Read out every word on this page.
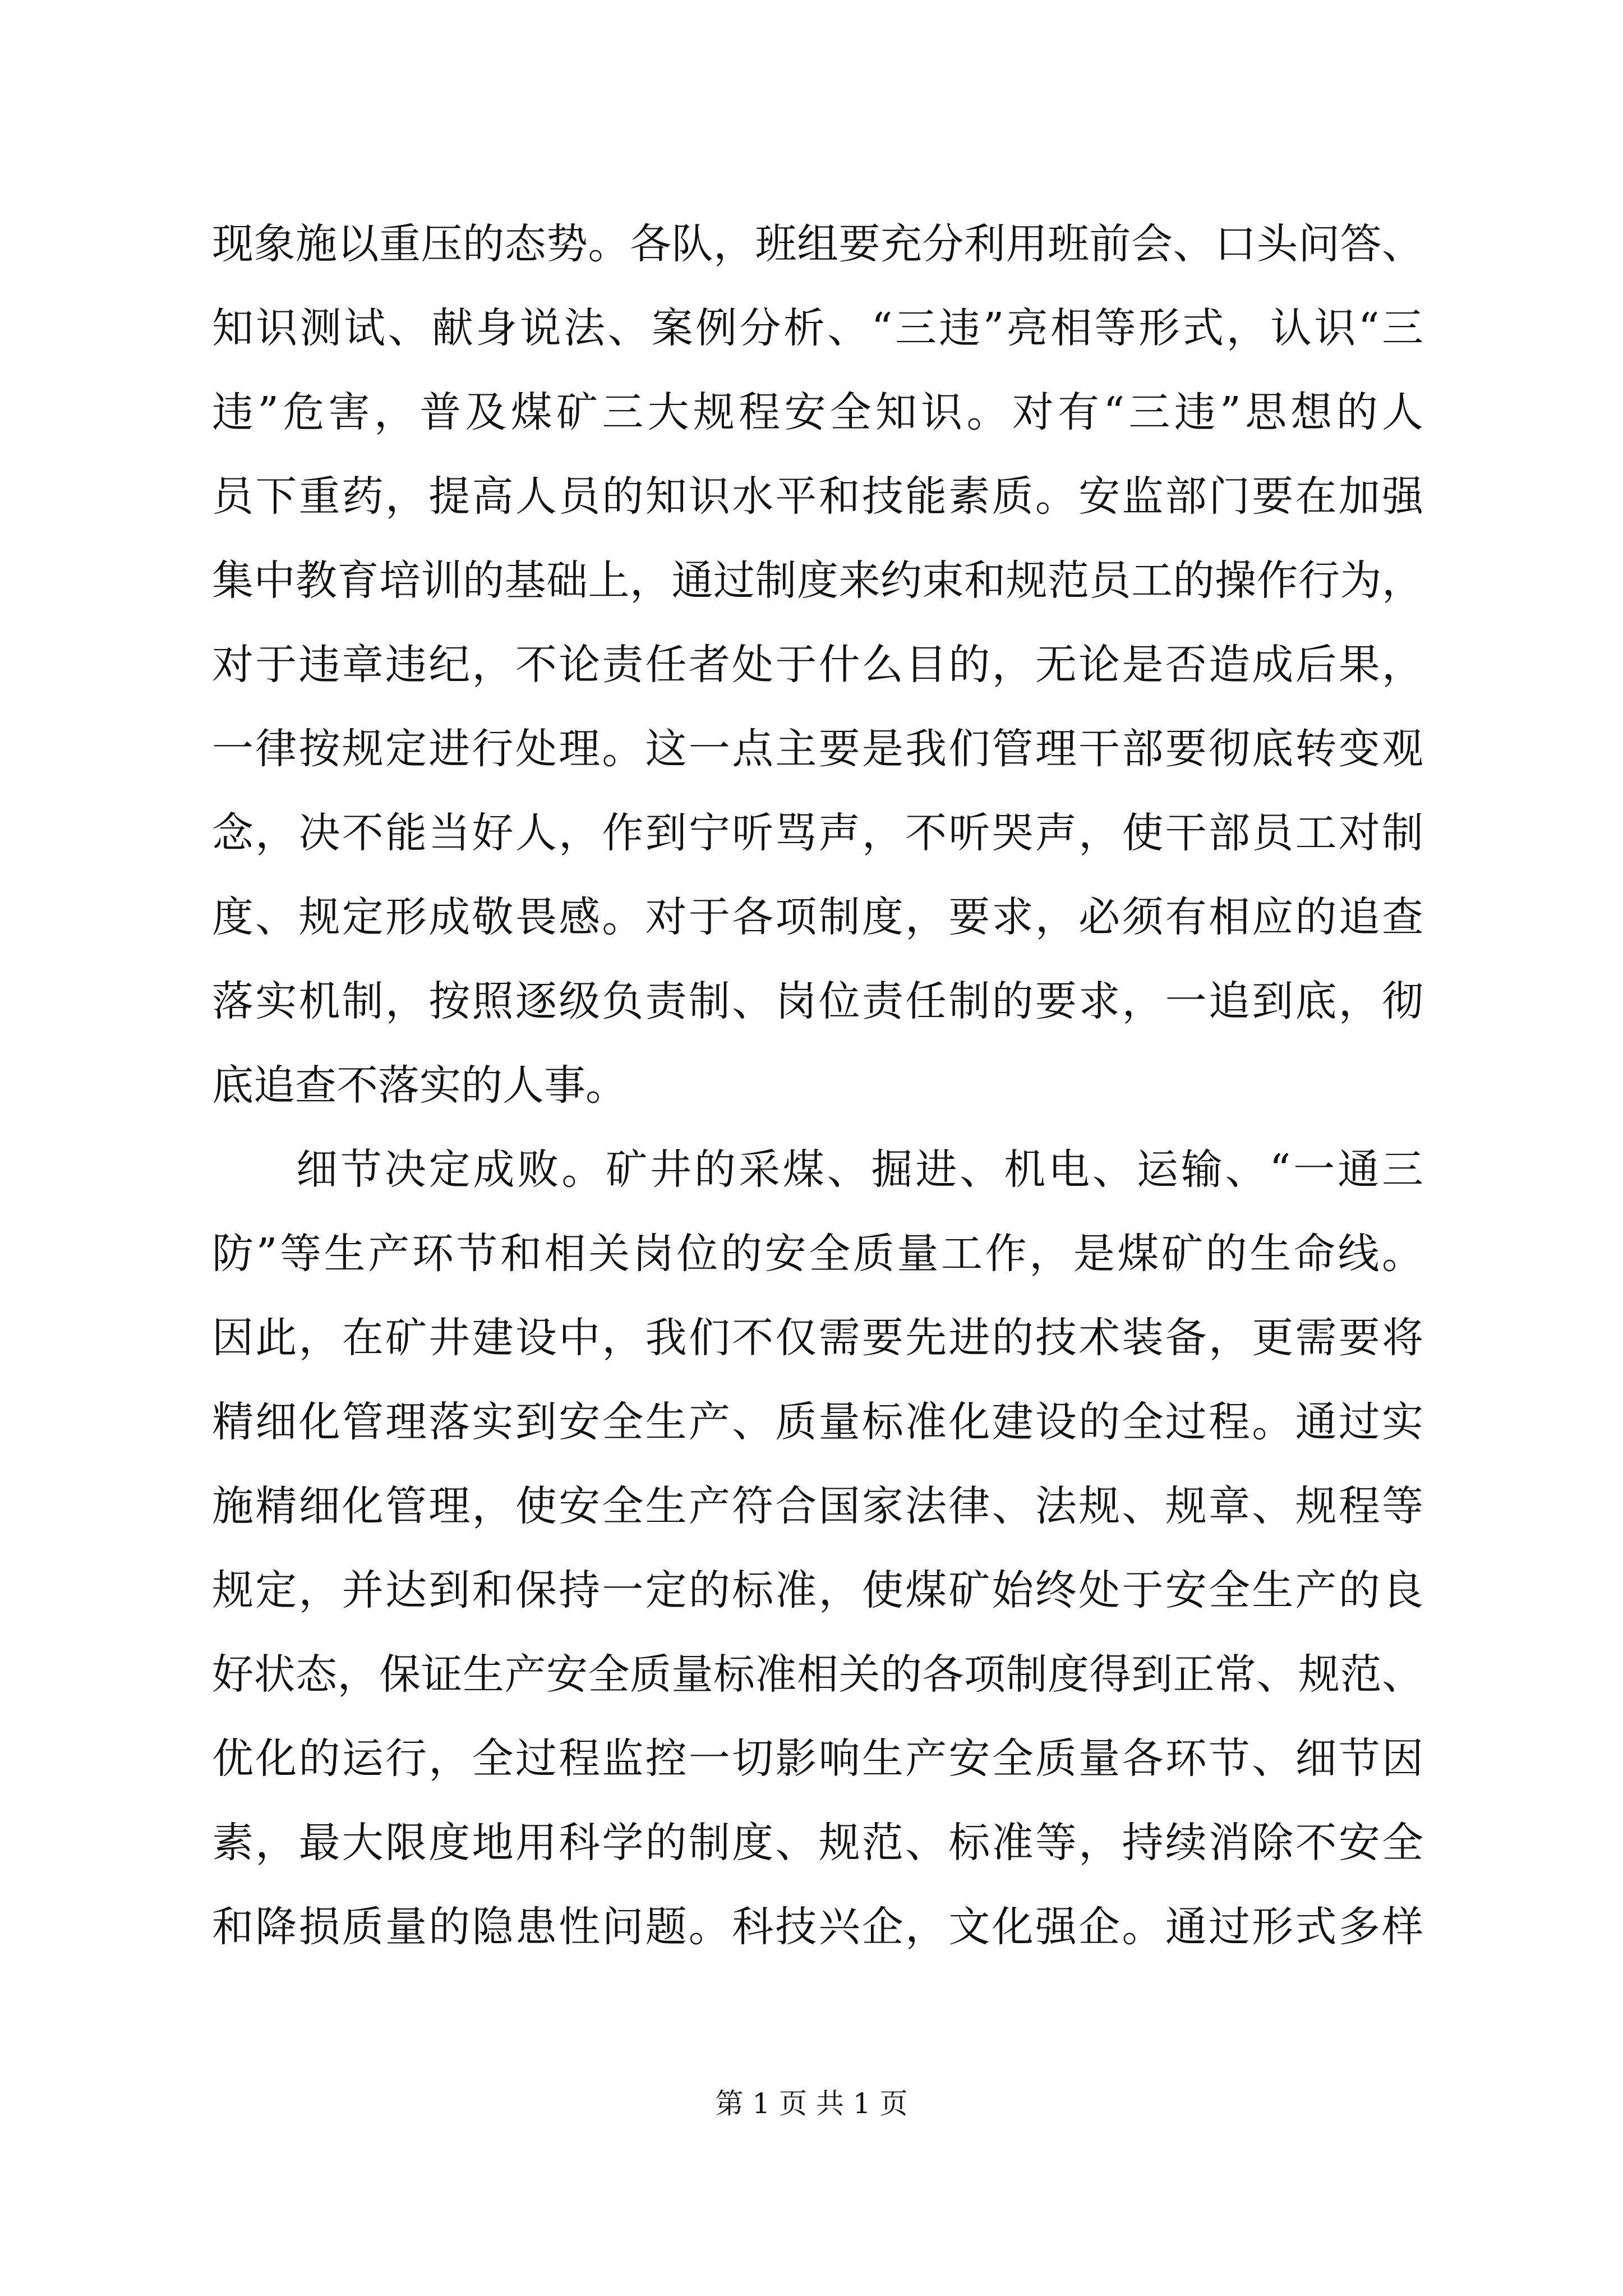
现象施以重压的态势。各队，班组要充分利用班前会、口头问答、
知识测试、献身说法、案例分析、“三违”亮相等形式，认识“三
违”危害，普及煤矿三大规程安全知识。对有“三违”思想的人
员下重药，提高人员的知识水平和技能素质。安监部门要在加强
集中教育培训的基础上，通过制度来约束和规范员工的操作行为，
对于违章违纪，不论责任者处于什么目的，无论是否造成后果，
一律按规定进行处理。这一点主要是我们管理干部要彻底转变观
念，决不能当好人，作到宁听骂声，不听哭声，使干部员工对制
度、规定形成敬畏感。对于各项制度，要求，必须有相应的追查
落实机制，按照逐级负责制、岗位责任制的要求，一追到底，彻
底追查不落实的人事。
细节决定成败。矿井的采煤、掘进、机电、运输、“一通三
防”等生产环节和相关岗位的安全质量工作，是煤矿的生命线。
因此，在矿井建设中，我们不仅需要先进的技术装备，更需要将
精细化管理落实到安全生产、质量标准化建设的全过程。通过实
施精细化管理，使安全生产符合国家法律、法规、规章、规程等
规定，并达到和保持一定的标准，使煤矿始终处于安全生产的良
好状态，保证生产安全质量标准相关的各项制度得到正常、规范、
优化的运行，全过程监控一切影响生产安全质量各环节、细节因
素，最大限度地用科学的制度、规范、标准等，持续消除不安全
和降损质量的隐患性问题。科技兴企，文化强企。通过形式多样
第 1 页 共 1 页
